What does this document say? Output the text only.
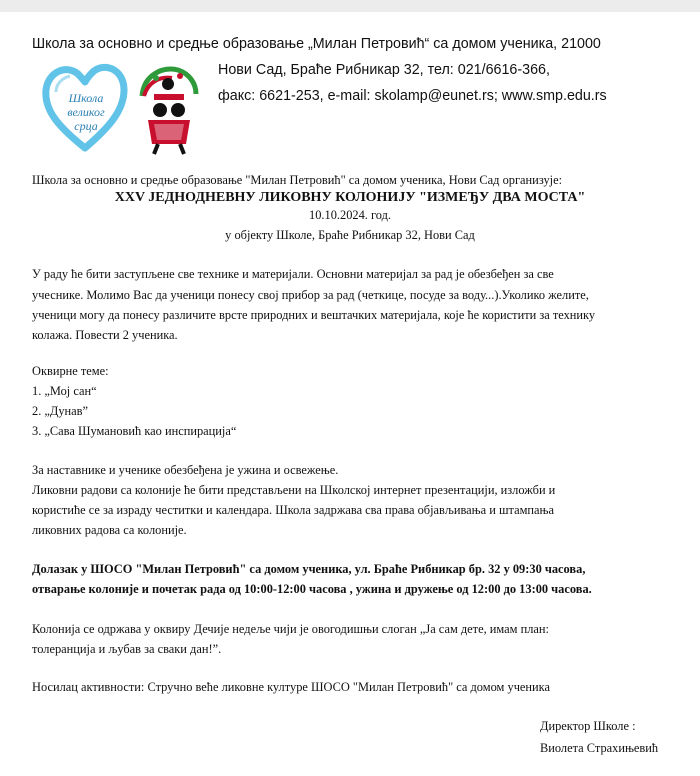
Школа за основно и средње образовање „Милан Петровић“ са домом ученика, 21000
Нови Сад, Браће Рибникар 32, тел: 021/6616-366,
факс: 6621-253, e-mail: skolamp@eunet.rs; www.smp.edu.rs
Школа
великог
срца
Школа за основно и средње образовање "Милан Петровић" са домом ученика, Нови Сад организује:
XXV ЈЕДНОДНЕВНУ ЛИКОВНУ КОЛОНИЈУ "ИЗМЕЂУ ДВА МОСТА"
10.10.2024. год.
у објекту Школе, Браће Рибникар 32, Нови Сад
У раду ће бити заступљене све технике и материјали. Основни материјал за рад је обезбеђен за све
учеснике. Молимо Вас да ученици понесу свој прибор за рад (четкице, посуде за воду...).Уколико желите,
ученици могу да понесу различите врсте природних и вештачких материјала, које ће користити за технику
колажа. Повести 2 ученика.
Оквирне теме:
1. „Мој сан“
2. „Дунав”
3. „Сава Шумановић као инспирација“
За наставнике и ученике обезбеђена је ужина и освежење.
Ликовни радови са колоније ће бити представљени на Школској интернет презентацији, изложби и
користиће се за израду честитки и календара. Школа задржава сва права објављивања и штампања
ликовних радова са колоније.
Долазак у ШОСО "Милан Петровић" са домом ученика, ул. Браће Рибникар бр. 32 у 09:30 часова,
отварање колоније и почетак рада од 10:00-12:00 часова , ужина и дружење од 12:00 до 13:00 часова.
Колонија се одржава у оквиру Дечије недеље чији је овогодишњи слоган „Ја сам дете, имам план:
толеранција и љубав за сваки дан!”.
Носилац активности: Стручно веће ликовне културе ШОСО "Милан Петровић" са домом ученика
Директор Школе :
Виолета Страхињевић
